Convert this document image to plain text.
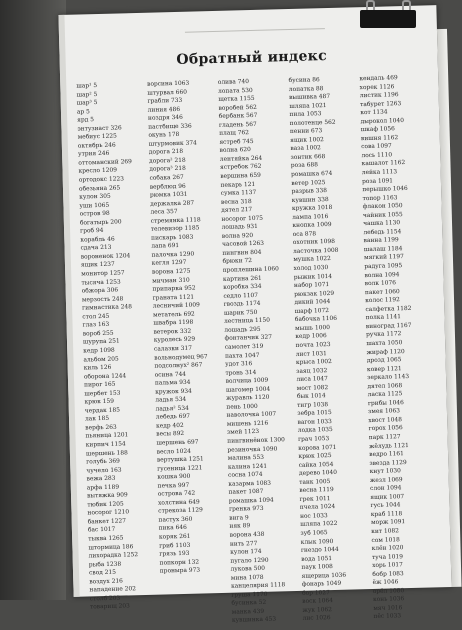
Обратный индекс
шар¹ 5
шар² 5
шар³ 5
ар 5
ярд 5
энтузиаст 326
мебиус 1225
октябрь 246
утрия 246
оттоманский 269
кресло 1209
ортодокс 1223
обезьяна 265
кулон 305
уши 1065
остров 98
богатырь 200
гроб 94
корабль 46
сдача 213
вороненок 1204
ящик 1237
монитор 1257
тысяча 1253
обжора 306
мерзость 248
гимнастика 248
стол 245
глаз 163
вороб 255
шурупа 251
кедр 1098
альбом 205
киль 126
оборона 1244
пирог 165
шербет 153
крюк 159
чердак 185
лак 185
верфь 263
пьяница 1201
кирпич 1154
шершень 188
голубь 369
чучело 163
вежа 283
арфа 1189
вытяжка 909
тюбик 1205
носорог 1210
банкет 1227
бас 1017
тыква 1265
штормица 186
лихорадка 1252
рыба 1238
свод 215
воздух 216
нападение 202
столб 203
товарищ 203
ворсина 1063
штурвал 660
грабли 733
линия 486
ноздря 346
пастбище 336
окунь 178
штурмовик 374
дорога 218
дорога² 218
дорога³ 218
собака 267
верблюд 96
рюмка 1031
держалка 287
леса 357
стремянка 1118
телевизор 1185
пискарь 1083
лапа 691
палочка 1290
кегля 1297
ворона 1275
мичман 310
припарка 952
граната 1121
лесничий 1009
метатель 692
швабра 1198
ветерок 332
куролесь 929
салазки 317
вольнодумец 967
подсолнух² 867
осина 744
пальма 934
кружок 934
ладья 534
ладья² 534
лебедь 697
кедр 402
весы 892
шершень 697
весло 1024
вертушка 1251
гусеница 1221
кошка 900
печка 997
острова 742
холстина 649
стрекоза 1129
пастух 360
пика 646
коряк 261
гриб 1103
грязь 193
попкорн 132
проныра 973
олива 740
лопата 530
щетка 1155
воробей 562
бербанк 567
гладень 567
плащ 762
ястреб 745
волна 620
лентяйка 264
ястребок 762
вершина 659
пекарь 121
сумка 1137
весна 318
дятел 217
носорог 1075
лошадь 931
волна 920
часовой 1263
пингвин 804
брюки 72
проплешина 1060
картина 261
коробка 334
седло 1107
гвоздь 1174
шарик 750
лестница 1150
лошадь 295
фонтанчик 327
самолет 319
пахта 1047
удот 316
тронь 314
волчица 1009
шагомер 1004
журавль 1120
пень 1000
наволочка 1007
мишень 1216
змей 1123
пингвинёнок 1300
резиночка 1090
малина 553
калина 1241
сосна 1074
казарма 1083
пакет 1087
ромашка 1094
гренка 973
вига 9
ияк 89
ворона 438
нить 277
кулон 174
пугало 1290
лукова 500
мина 1078
канцелярия 1118
груша 1170
бусинка 52
манка 439
кувшинка 453
бусина 86
лопатка 88
вышивка 487
шляпа 1021
пила 1053
полотенце 562
пенни 673
ящик 1002
ваза 1002
зонтик 668
роза 688
ромашка 674
ветер 1025
разрыв 338
кувшин 338
кружка 1018
лампа 1016
кнопка 1009
оса 878
охотник 1098
ласточка 1008
мушка 1022
холод 1030
рыжик 1014
набор 1071
рюкзак 1029
дикий 1044
шарф 1072
бабочка 1106
мышь 1000
кедр 1006
почта 1023
лист 1031
крыса 1002
заяц 1032
лиса 1047
мост 1082
бык 1014
тигр 1038
зебра 1015
вагон 1033
лодка 1035
грач 1053
корова 1071
крюк 1025
сайка 1054
дерево 1040
танк 1005
весна 1119
грек 1011
пчела 1024
нос 1033
шляпа 1022
зуб 1065
клык 1090
гнездо 1044
вода 1051
паук 1008
ящерица 1036
фонарь 1049
бор 1027
воск 1064
жук 1062
лис 1026
кендаль 469
хорек 1126
листик 1196
табурет 1263
кот 1134
дырокол 1040
шкаф 1056
вишня 1162
сова 1097
лось 1110
кашалот 1162
лейка 1113
роза 1091
перышко 1046
топор 1163
флакон 1050
чайник 1055
чашка 1130
лебедь 1154
ванна 1199
шалаш 1184
мягкий 1197
радуга 1095
волна 1094
волк 1076
пакет 1060
колос 1192
салфетка 1182
полка 1141
виноград 1167
ручка 1172
шахта 1050
жираф 1120
дрозд 1065
ковер 1121
зеркало 1143
дятел 1068
ласка 1125
грибы 1046
змея 1063
хвост 1048
горох 1056
парк 1127
жёлудь 1121
ведро 1161
звезда 1129
кнут 1030
жезл 1069
слон 1094
ящик 1007
гусь 1044
краб 1118
морж 1091
кит 1082
сом 1018
клён 1020
туча 1019
хорь 1017
бобр 1083
ёж 1046
орёл 1080
конь 1036
мяч 1016
пёс 1033
